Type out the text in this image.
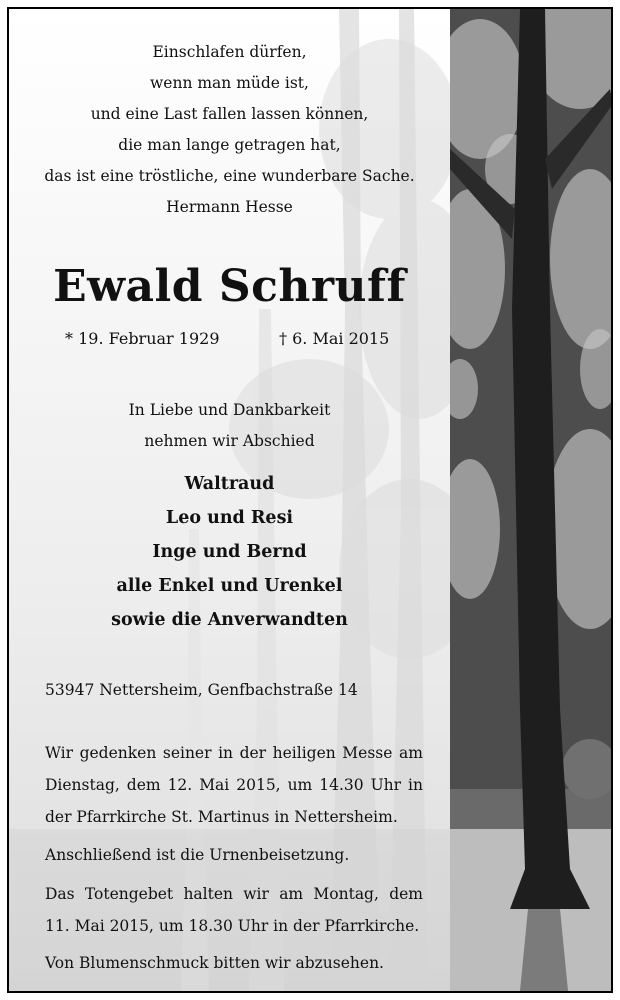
Einschlafen dürfen,
wenn man müde ist,
und eine Last fallen lassen können,
die man lange getragen hat,
das ist eine tröstliche, eine wunderbare Sache.
Hermann Hesse
Ewald Schruff
* 19. Februar 1929	† 6. Mai 2015
In Liebe und Dankbarkeit
nehmen wir Abschied
Waltraud
Leo und Resi
Inge und Bernd
alle Enkel und Urenkel
sowie die Anverwandten
53947 Nettersheim, Genfbachstraße 14
Wir gedenken seiner in der heiligen Messe am
Dienstag, dem 12. Mai 2015, um 14.30 Uhr in
der Pfarrkirche St. Martinus in Nettersheim.
Anschließend ist die Urnenbeisetzung.
Das Totengebet halten wir am Montag, dem
11. Mai 2015, um 18.30 Uhr in der Pfarrkirche.
Von Blumenschmuck bitten wir abzusehen.
